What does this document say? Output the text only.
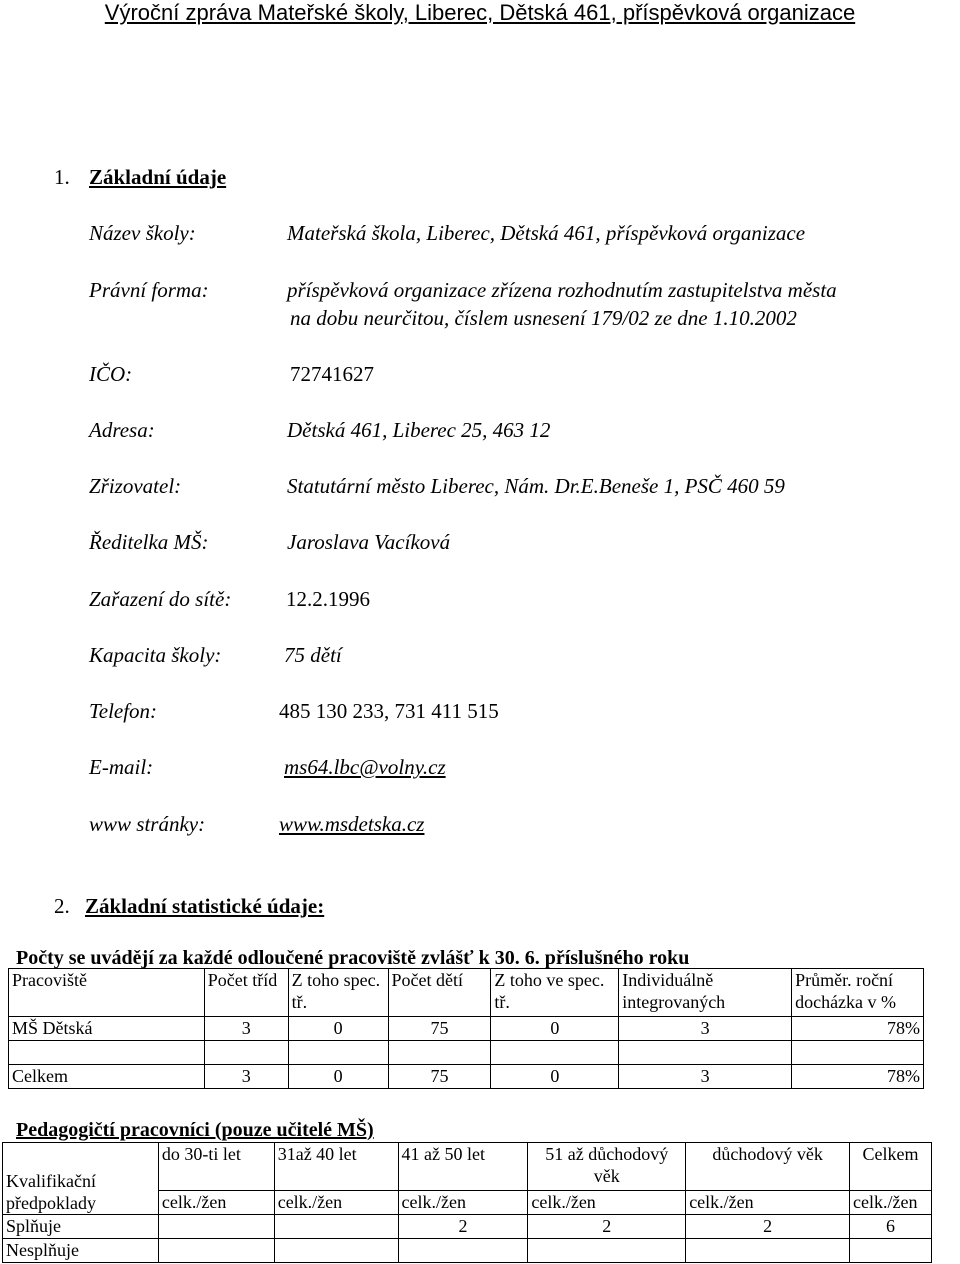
Výroční zpráva Mateřské školy, Liberec, Dětská 461, příspěvková organizace
1. Základní údaje
Název školy:	Mateřská škola, Liberec, Dětská 461, příspěvková organizace
Právní forma:	příspěvková organizace zřízena rozhodnutím zastupitelstva města
na dobu neurčitou, číslem usnesení 179/02 ze dne 1.10.2002
IČO:	72741627
Adresa:	Dětská 461, Liberec 25, 463 12
Zřizovatel:	Statutární město Liberec, Nám. Dr.E.Beneše 1, PSČ 460 59
Ředitelka MŠ:	Jaroslava Vacíková
Zařazení do sítě:	12.2.1996
Kapacita školy:	75 dětí
Telefon:	485 130 233, 731 411 515
E-mail:	ms64.lbc@volny.cz
www stránky:	www.msdetska.cz
2. Základní statistické údaje:
Počty se uvádějí za každé odloučené pracoviště zvlášť k 30. 6. příslušného roku
Pracoviště	Počet tříd	Z toho spec. tř.	Počet dětí	Z toho ve spec. tř.	Individuálně integrovaných	Průměr. roční docházka v %
MŠ Dětská	3	0	75	0	3	78%

Celkem	3	0	75	0	3	78%
Pedagogičtí pracovníci (pouze učitelé MŠ)
Kvalifikační předpoklady	do 30-ti let	31až 40 let	41 až 50 let	51 až důchodový věk	důchodový věk	Celkem
	celk./žen	celk./žen	celk./žen	celk./žen	celk./žen	celk./žen
Splňuje			2	2	2	6
Nesplňuje						
